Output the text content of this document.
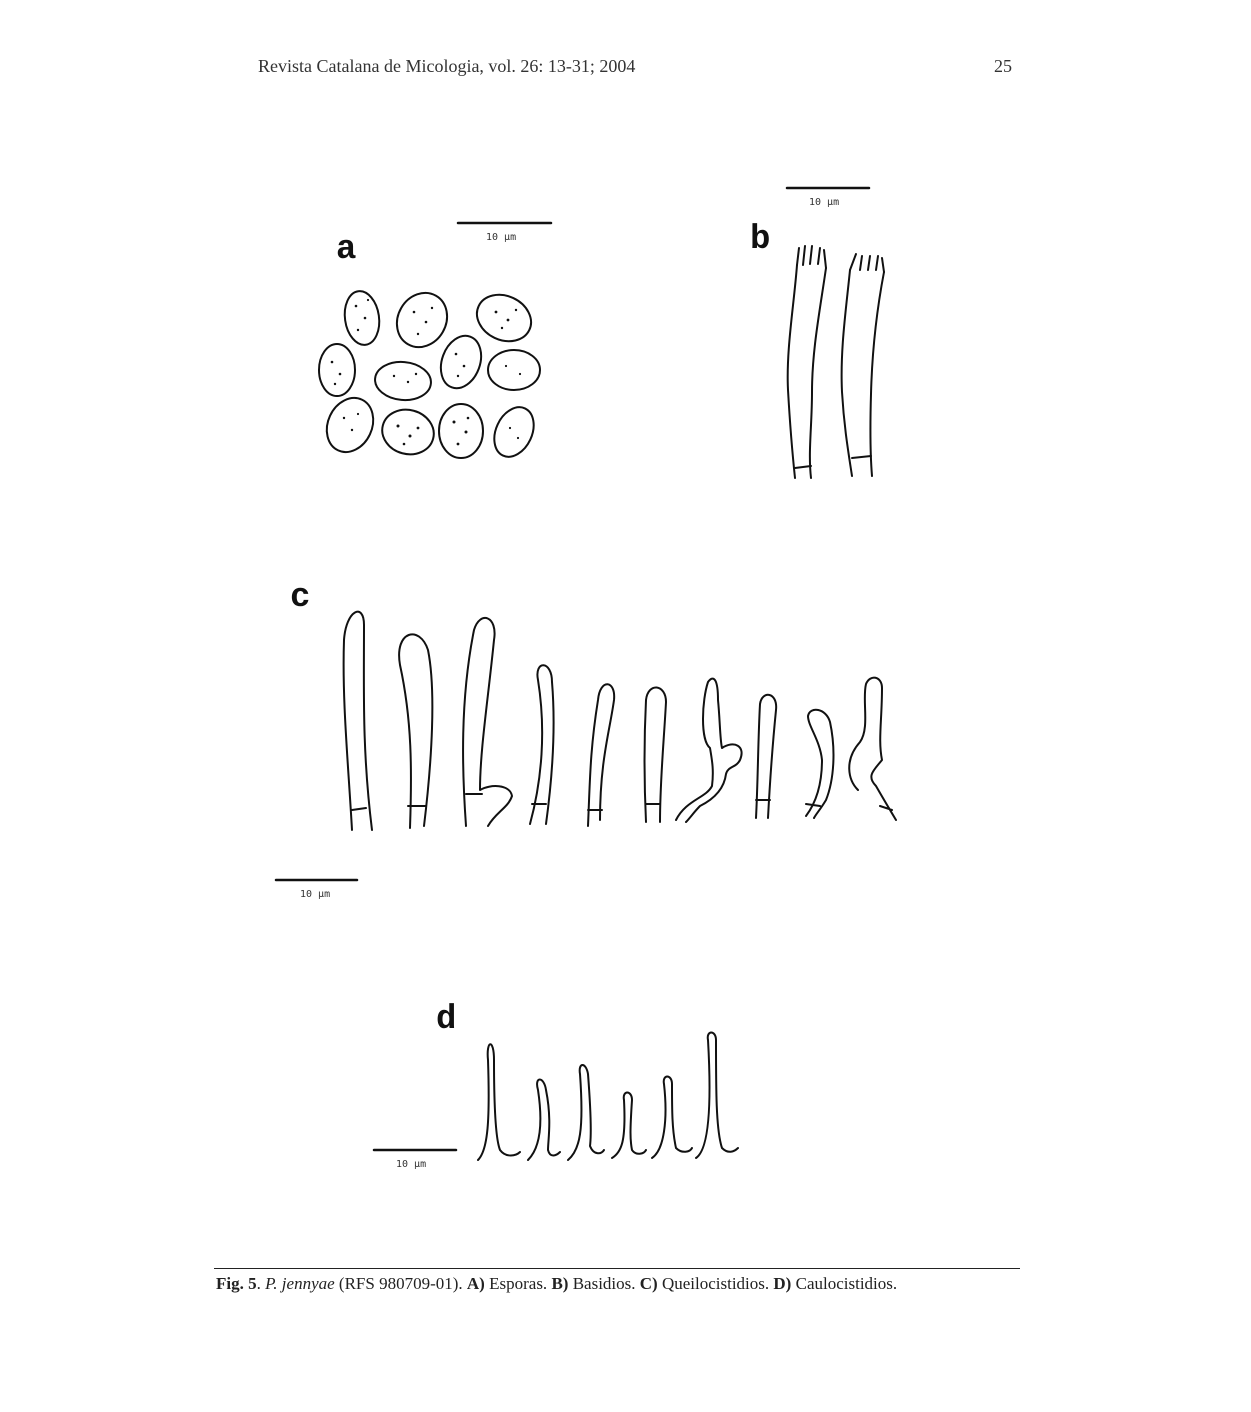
Revista Catalana de Micologia, vol. 26: 13-31; 2004	25
a	b
c
d
10 μm
10 μm
10 μm
10 μm
Fig. 5. P. jennyae (RFS 980709-01). A) Esporas. B) Basidios. C) Queilocistidios. D) Caulocistidios.
